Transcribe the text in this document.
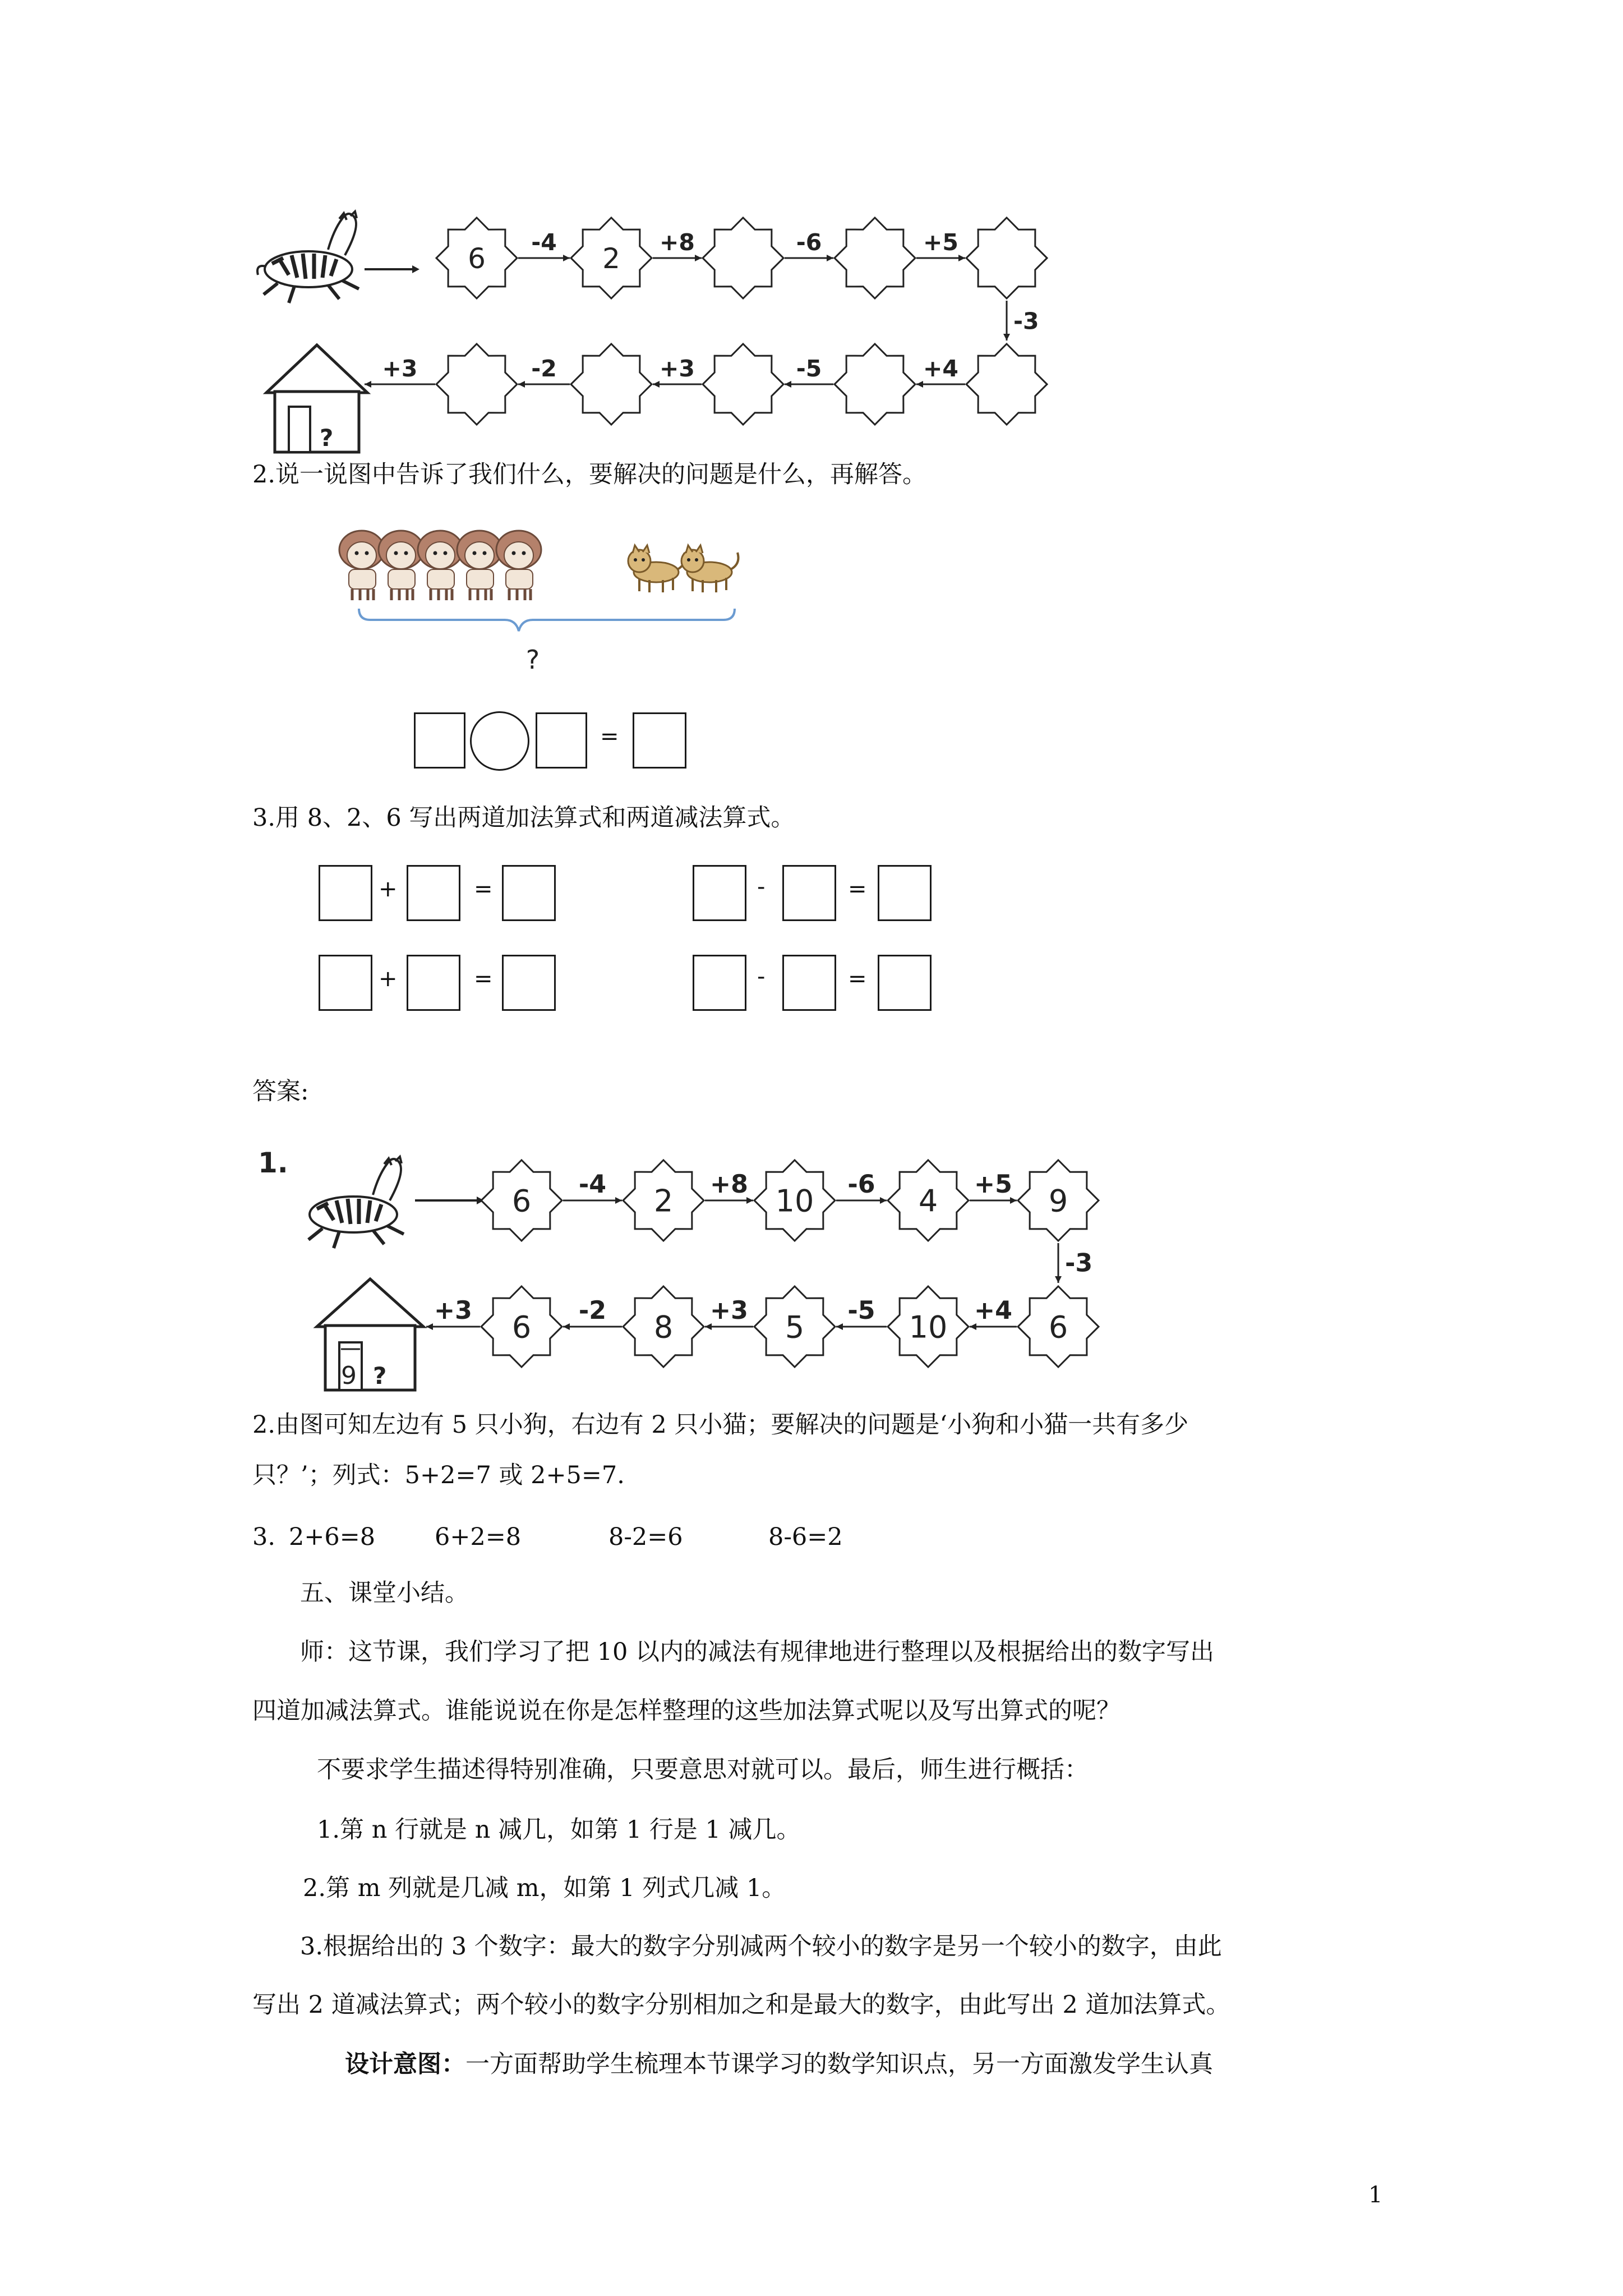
6	2
-4	+8	-6	+5
-3
+3	-2	+3	-5	+4
?
2.说一说图中告诉了我们什么，要解决的问题是什么，再解答。
?
=
3.用 8、2、6 写出两道加法算式和两道减法算式。
+	=	-	=
+	=	-	=
答案:
1.
6	2	10	4	9
-4	+8	-6	+5
-3
6	8	5	10	6
+3	-2	+3	-5	+4
9 ?
2.由图可知左边有 5 只小狗，右边有 2 只小猫；要解决的问题是‘小狗和小猫一共有多少
只？’；列式：5+2=7 或 2+5=7.
3. 2+6=8 6+2=8	8-2=6	8-6=2
五、课堂小结。
师：这节课，我们学习了把 10 以内的减法有规律地进行整理以及根据给出的数字写出
四道加减法算式。谁能说说在你是怎样整理的这些加法算式呢以及写出算式的呢？
不要求学生描述得特别准确，只要意思对就可以。最后，师生进行概括：
1.第 n 行就是 n 减几，如第 1 行是 1 减几。
2.第 m 列就是几减 m，如第 1 列式几减 1。
3.根据给出的 3 个数字：最大的数字分别减两个较小的数字是另一个较小的数字，由此
写出 2 道减法算式；两个较小的数字分别相加之和是最大的数字，由此写出 2 道加法算式。
设计意图：一方面帮助学生梳理本节课学习的数学知识点，另一方面激发学生认真
1
